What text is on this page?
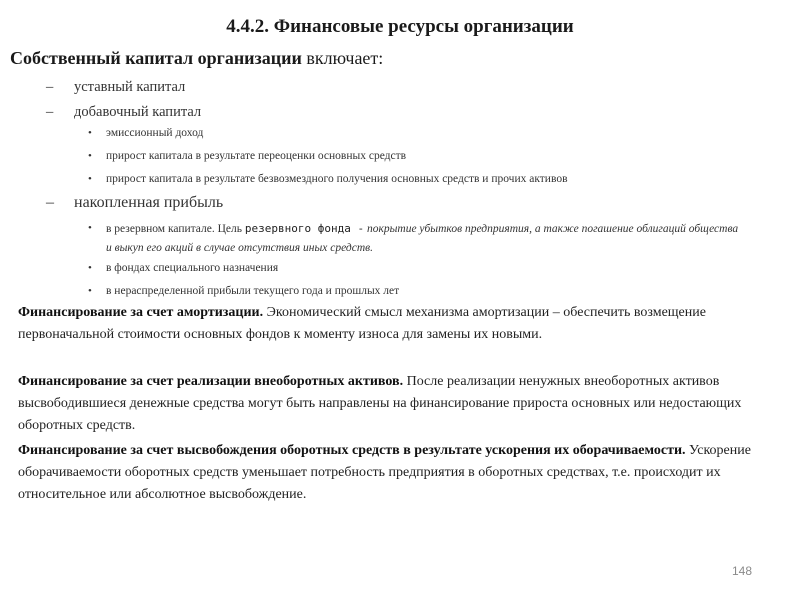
4.4.2. Финансовые ресурсы организации
Собственный капитал организации включает:
– уставный капитал
– добавочный капитал
•	эмиссионный доход
•	прирост капитала в результате переоценки основных средств
•	прирост капитала в результате безвозмездного получения основных средств и прочих активов
– накопленная прибыль
•	в резервном капитале. Цель резервного фонда - покрытие убытков предприятия, а также погашение облигаций общества и выкуп его акций в случае отсутствия иных средств.
•	в фондах специального назначения
•	в нераспределенной прибыли текущего года и прошлых лет
Финансирование за счет амортизации. Экономический смысл механизма амортизации – обеспечить возмещение первоначальной стоимости основных фондов к моменту износа для замены их новыми.
Финансирование за счет реализации внеоборотных активов. После реализации ненужных внеоборотных активов высвободившиеся денежные средства могут быть направлены на финансирование прироста основных или недостающих оборотных средств.
Финансирование за счет высвобождения оборотных средств в результате ускорения их оборачиваемости. Ускорение оборачиваемости оборотных средств уменьшает потребность предприятия в оборотных средствах, т.е. происходит их относительное или абсолютное высвобождение.
148
